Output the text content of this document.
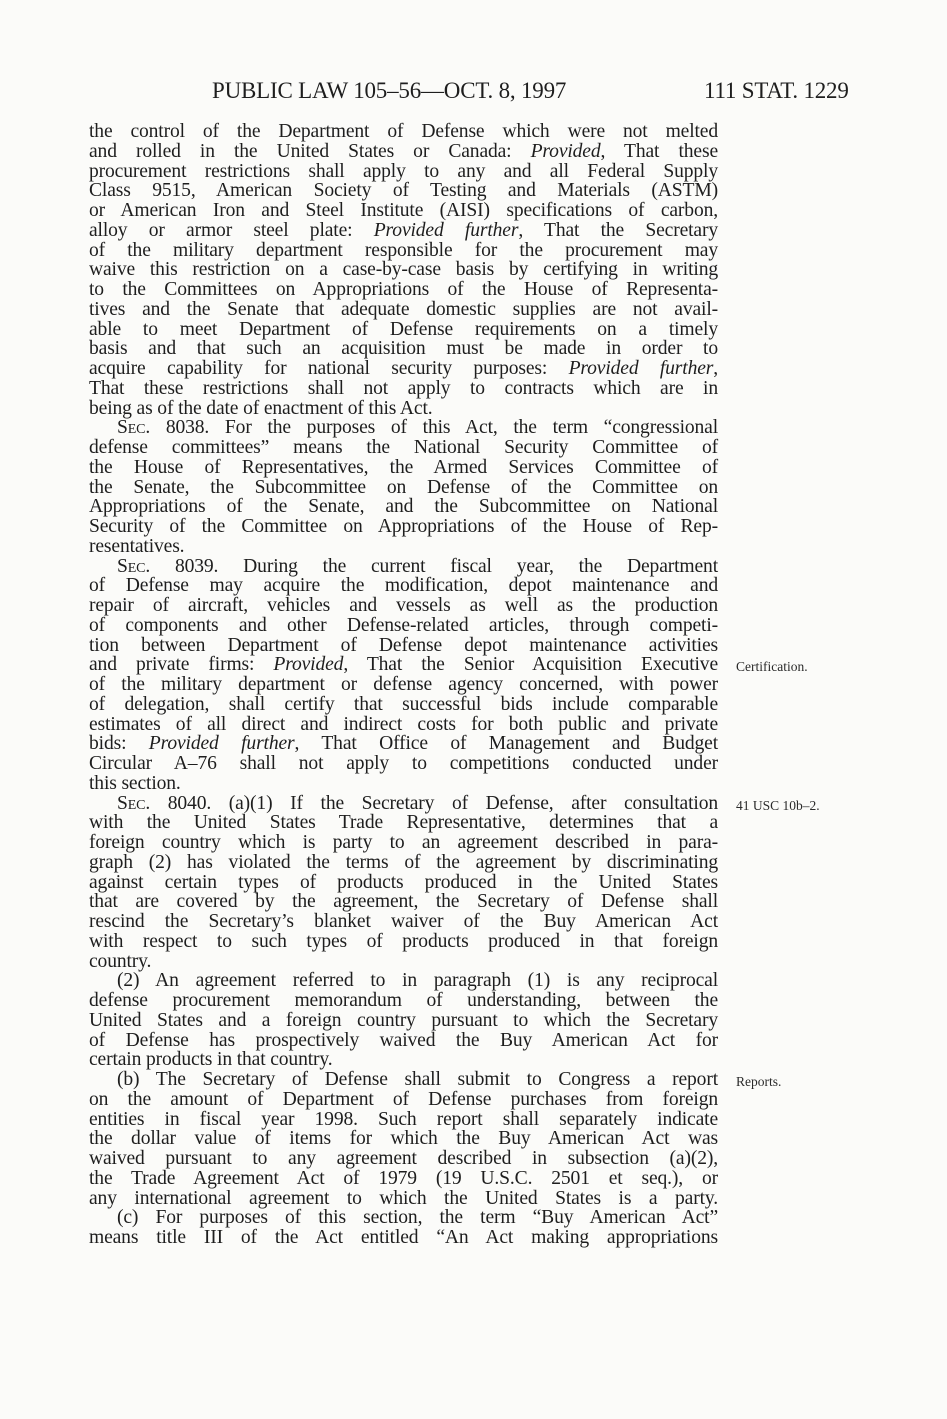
PUBLIC LAW 105–56—OCT. 8, 1997	111 STAT. 1229
the control of the Department of Defense which were not melted
and rolled in the United States or Canada: Provided, That these
procurement restrictions shall apply to any and all Federal Supply
Class 9515, American Society of Testing and Materials (ASTM)
or American Iron and Steel Institute (AISI) specifications of carbon,
alloy or armor steel plate: Provided further, That the Secretary
of the military department responsible for the procurement may
waive this restriction on a case-by-case basis by certifying in writing
to the Committees on Appropriations of the House of Representa-
tives and the Senate that adequate domestic supplies are not avail-
able to meet Department of Defense requirements on a timely
basis and that such an acquisition must be made in order to
acquire capability for national security purposes: Provided further,
That these restrictions shall not apply to contracts which are in
being as of the date of enactment of this Act.
Sec. 8038. For the purposes of this Act, the term “congressional
defense committees” means the National Security Committee of
the House of Representatives, the Armed Services Committee of
the Senate, the Subcommittee on Defense of the Committee on
Appropriations of the Senate, and the Subcommittee on National
Security of the Committee on Appropriations of the House of Rep-
resentatives.
Sec. 8039. During the current fiscal year, the Department
of Defense may acquire the modification, depot maintenance and
repair of aircraft, vehicles and vessels as well as the production
of components and other Defense-related articles, through competi-
tion between Department of Defense depot maintenance activities
and private firms: Provided, That the Senior Acquisition Executive
of the military department or defense agency concerned, with power
of delegation, shall certify that successful bids include comparable
estimates of all direct and indirect costs for both public and private
bids: Provided further, That Office of Management and Budget
Circular A–76 shall not apply to competitions conducted under
this section.
Sec. 8040. (a)(1) If the Secretary of Defense, after consultation
with the United States Trade Representative, determines that a
foreign country which is party to an agreement described in para-
graph (2) has violated the terms of the agreement by discriminating
against certain types of products produced in the United States
that are covered by the agreement, the Secretary of Defense shall
rescind the Secretary’s blanket waiver of the Buy American Act
with respect to such types of products produced in that foreign
country.
(2) An agreement referred to in paragraph (1) is any reciprocal
defense procurement memorandum of understanding, between the
United States and a foreign country pursuant to which the Secretary
of Defense has prospectively waived the Buy American Act for
certain products in that country.
(b) The Secretary of Defense shall submit to Congress a report
on the amount of Department of Defense purchases from foreign
entities in fiscal year 1998. Such report shall separately indicate
the dollar value of items for which the Buy American Act was
waived pursuant to any agreement described in subsection (a)(2),
the Trade Agreement Act of 1979 (19 U.S.C. 2501 et seq.), or
any international agreement to which the United States is a party.
(c) For purposes of this section, the term “Buy American Act”
means title III of the Act entitled “An Act making appropriations
Certification.
41 USC 10b–2.
Reports.
